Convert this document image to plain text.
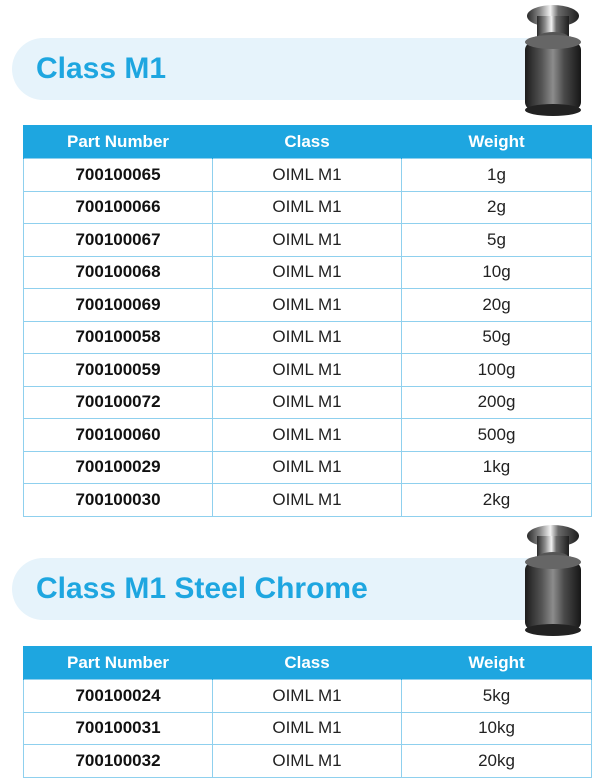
Class M1
Part Number	Class	Weight
700100065	OIML M1	1g
700100066	OIML M1	2g
700100067	OIML M1	5g
700100068	OIML M1	10g
700100069	OIML M1	20g
700100058	OIML M1	50g
700100059	OIML M1	100g
700100072	OIML M1	200g
700100060	OIML M1	500g
700100029	OIML M1	1kg
700100030	OIML M1	2kg
Class M1 Steel Chrome
Part Number	Class	Weight
700100024	OIML M1	5kg
700100031	OIML M1	10kg
700100032	OIML M1	20kg
